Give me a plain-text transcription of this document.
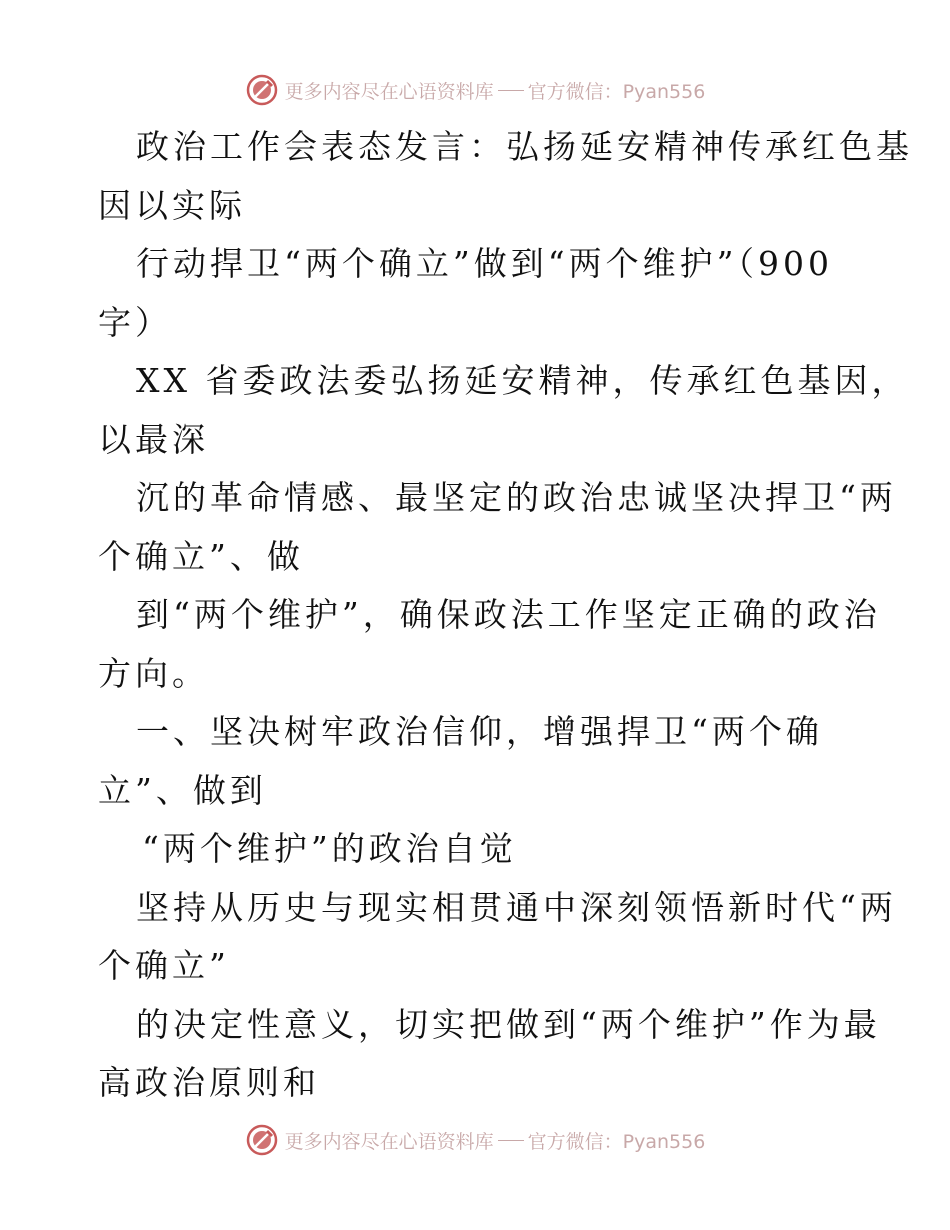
更多内容尽在心语资料库 官方微信：Pyan556
政治工作会表态发言：弘扬延安精神传承红色基
因以实际
行动捍卫“两个确立”做到“两个维护”（900
字）
XX 省委政法委弘扬延安精神，传承红色基因，
以最深
沉的革命情感、最坚定的政治忠诚坚决捍卫“两
个确立”、做
到“两个维护”，确保政法工作坚定正确的政治
方向。
一、坚决树牢政治信仰，增强捍卫“两个确
立”、做到
“两个维护”的政治自觉
坚持从历史与现实相贯通中深刻领悟新时代“两
个确立”
的决定性意义，切实把做到“两个维护”作为最
高政治原则和
更多内容尽在心语资料库 官方微信：Pyan556
